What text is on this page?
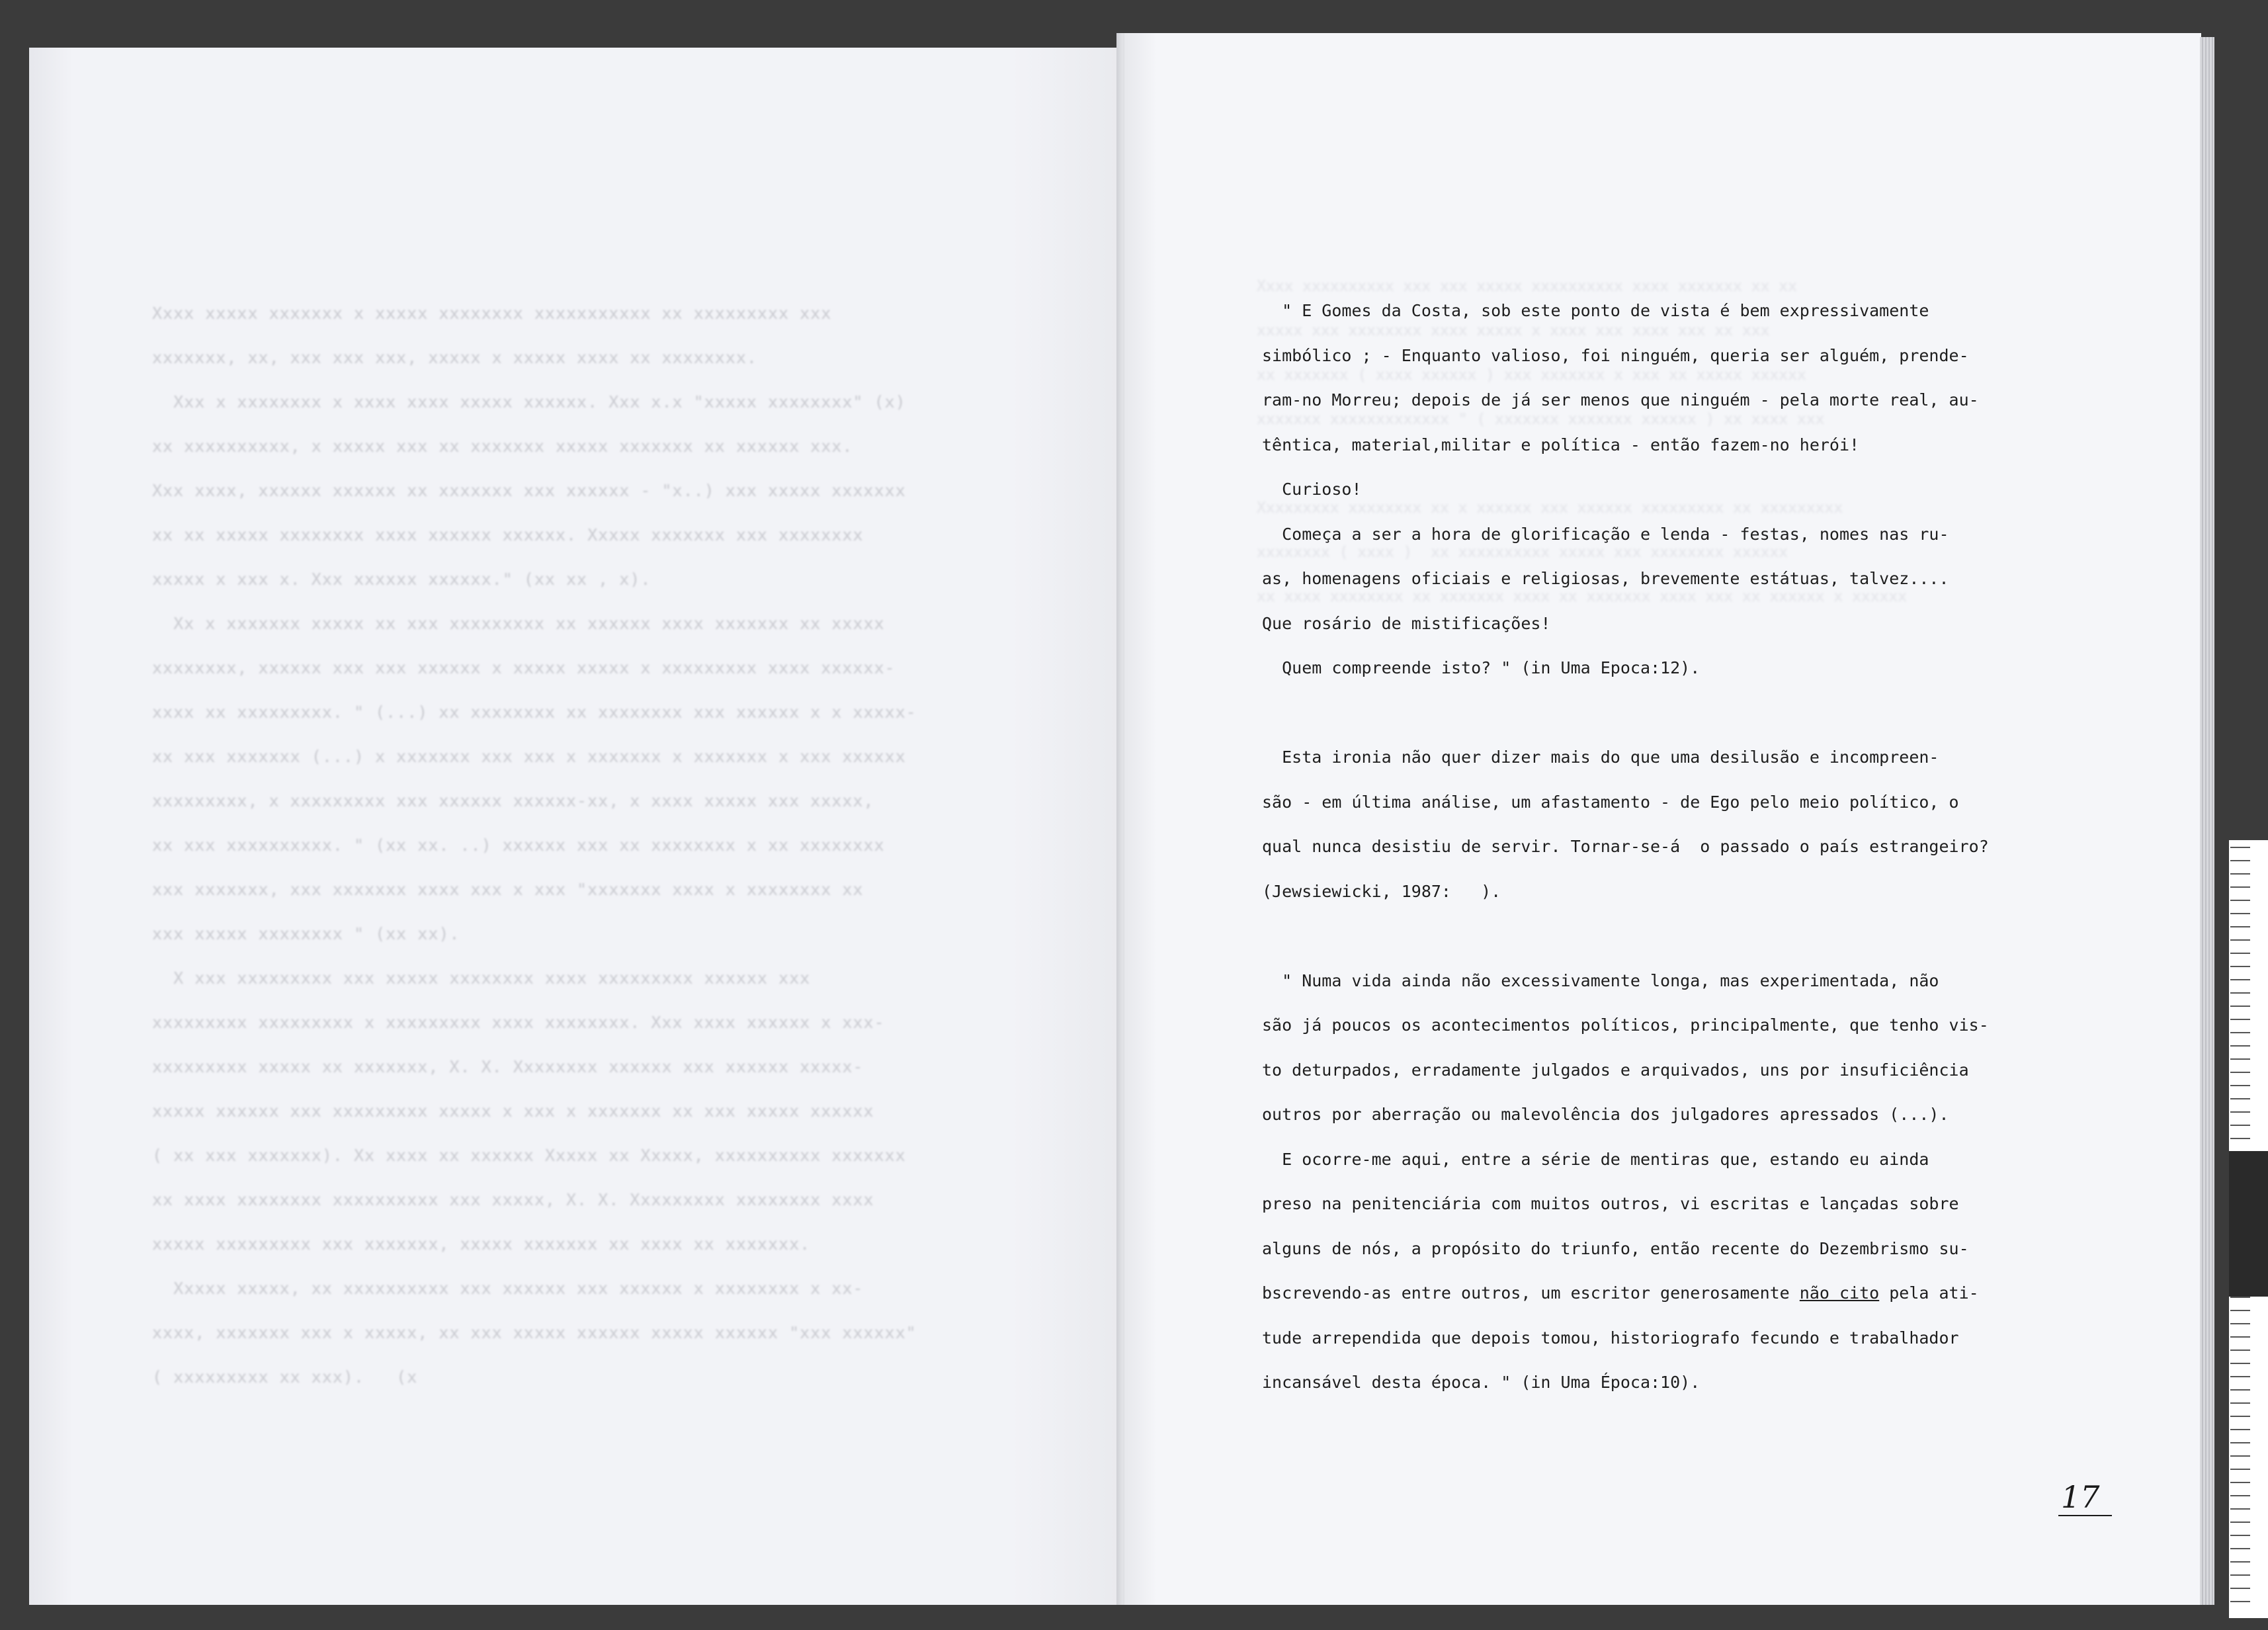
Xxxx xxxxx xxxxxxx x xxxxx xxxxxxxx xxxxxxxxxxx xx xxxxxxxxx xxx
xxxxxxx, xx, xxx xxx xxx, xxxxx x xxxxx xxxx xx xxxxxxxx.
Xxx x xxxxxxxx x xxxx xxxx xxxxx xxxxxx. Xxx x.x "xxxxx xxxxxxxx" (x)
xx xxxxxxxxxx, x xxxxx xxx xx xxxxxxx xxxxx xxxxxxx xx xxxxxx xxx.
Xxx xxxx, xxxxxx xxxxxx xx xxxxxxx xxx xxxxxx - "x..) xxx xxxxx xxxxxxx
xx xx xxxxx xxxxxxxx xxxx xxxxxx xxxxxx. Xxxxx xxxxxxx xxx xxxxxxxx
xxxxx x xxx x. Xxx xxxxxx xxxxxx." (xx xx , x).
Xx x xxxxxxx xxxxx xx xxx xxxxxxxxx xx xxxxxx xxxx xxxxxxx xx xxxxx
xxxxxxxx, xxxxxx xxx xxx xxxxxx x xxxxx xxxxx x xxxxxxxxx xxxx xxxxxx-
xxxx xx xxxxxxxxx. " (...) xx xxxxxxxx xx xxxxxxxx xxx xxxxxx x x xxxxx-
xx xxx xxxxxxx (...) x xxxxxxx xxx xxx x xxxxxxx x xxxxxxx x xxx xxxxxx
xxxxxxxxx, x xxxxxxxxx xxx xxxxxx xxxxxx-xx, x xxxx xxxxx xxx xxxxx,
xx xxx xxxxxxxxxx. " (xx xx. ..) xxxxxx xxx xx xxxxxxxx x xx xxxxxxxx
xxx xxxxxxx, xxx xxxxxxx xxxx xxx x xxx "xxxxxxx xxxx x xxxxxxxx xx
xxx xxxxx xxxxxxxx " (xx xx).
X xxx xxxxxxxxx xxx xxxxx xxxxxxxx xxxx xxxxxxxxx xxxxxx xxx
xxxxxxxxx xxxxxxxxx x xxxxxxxxx xxxx xxxxxxxx. Xxx xxxx xxxxxx x xxx-
xxxxxxxxx xxxxx xx xxxxxxx, X. X. Xxxxxxxx xxxxxx xxx xxxxxx xxxxx-
xxxxx xxxxxx xxx xxxxxxxxx xxxxx x xxx x xxxxxxx xx xxx xxxxx xxxxxx
( xx xxx xxxxxxx). Xx xxxx xx xxxxxx Xxxxx xx Xxxxx, xxxxxxxxxx xxxxxxx
xx xxxx xxxxxxxx xxxxxxxxxx xxx xxxxx, X. X. Xxxxxxxxx xxxxxxxx xxxx
xxxxx xxxxxxxxx xxx xxxxxxx, xxxxx xxxxxxx xx xxxx xx xxxxxxx.
Xxxxx xxxxx, xx xxxxxxxxxx xxx xxxxxx xxx xxxxxx x xxxxxxxx x xx-
xxxx, xxxxxxx xxx x xxxxx, xx xxx xxxxx xxxxxx xxxxx xxxxxx "xxx xxxxxx"
( xxxxxxxxx xx xxx).   (x
Xxxx xxxxxxxxxx xxx xxx xxxxx xxxxxxxxxx xxxx xxxxxxx xx xx
xxxxx xxx xxxxxxxx xxxx xxxxx x xxxx xxx xxxx xxx xx xxx
xx xxxxxxx ( xxxx xxxxxx ) xxx xxxxxxx x xxx xx xxxxx xxxxxx
xxxxxxx xxxxxxxxxxxxx " ( xxxxxxx xxxxxxx xxxxxx ) xx xxxx xxx

Xxxxxxxxx xxxxxxxx xx x xxxxxx xxx xxxxxx xxxxxxxxx xx xxxxxxxxx
xxxxxxxx ( xxxx )  xx xxxxxxxxxx xxxxx xxx xxxxxxxx xxxxxx
xx xxxx xxxxxxxx xx xxxxxxx xxxx xx xxxxxxx xxxx xxx xx xxxxxx x xxxxxx

" E Gomes da Costa, sob este ponto de vista é bem expressivamente

simbólico ; - Enquanto valioso, foi ninguém, queria ser alguém, prende-

ram-no Morreu; depois de já ser menos que ninguém - pela morte real, au-

têntica, material,militar e política - então fazem-no herói!

Curioso!

Começa a ser a hora de glorificação e lenda - festas, nomes nas ru-

as, homenagens oficiais e religiosas, brevemente estátuas, talvez....

Que rosário de mistificações!

Quem compreende isto? " (in Uma Epoca:12).

Esta ironia não quer dizer mais do que uma desilusão e incompreen-

são - em última análise, um afastamento - de Ego pelo meio político, o

qual nunca desistiu de servir. Tornar-se-á  o passado o país estrangeiro?

(Jewsiewicki, 1987:   ).

" Numa vida ainda não excessivamente longa, mas experimentada, não

são já poucos os acontecimentos políticos, principalmente, que tenho vis-

to deturpados, erradamente julgados e arquivados, uns por insuficiência

outros por aberração ou malevolência dos julgadores apressados (...).

E ocorre-me aqui, entre a série de mentiras que, estando eu ainda

preso na penitenciária com muitos outros, vi escritas e lançadas sobre

alguns de nós, a propósito do triunfo, então recente do Dezembrismo su-

bscrevendo-as entre outros, um escritor generosamente não cito pela ati-

tude arrependida que depois tomou, historiografo fecundo e trabalhador

incansável desta época. " (in Uma Época:10).

17
